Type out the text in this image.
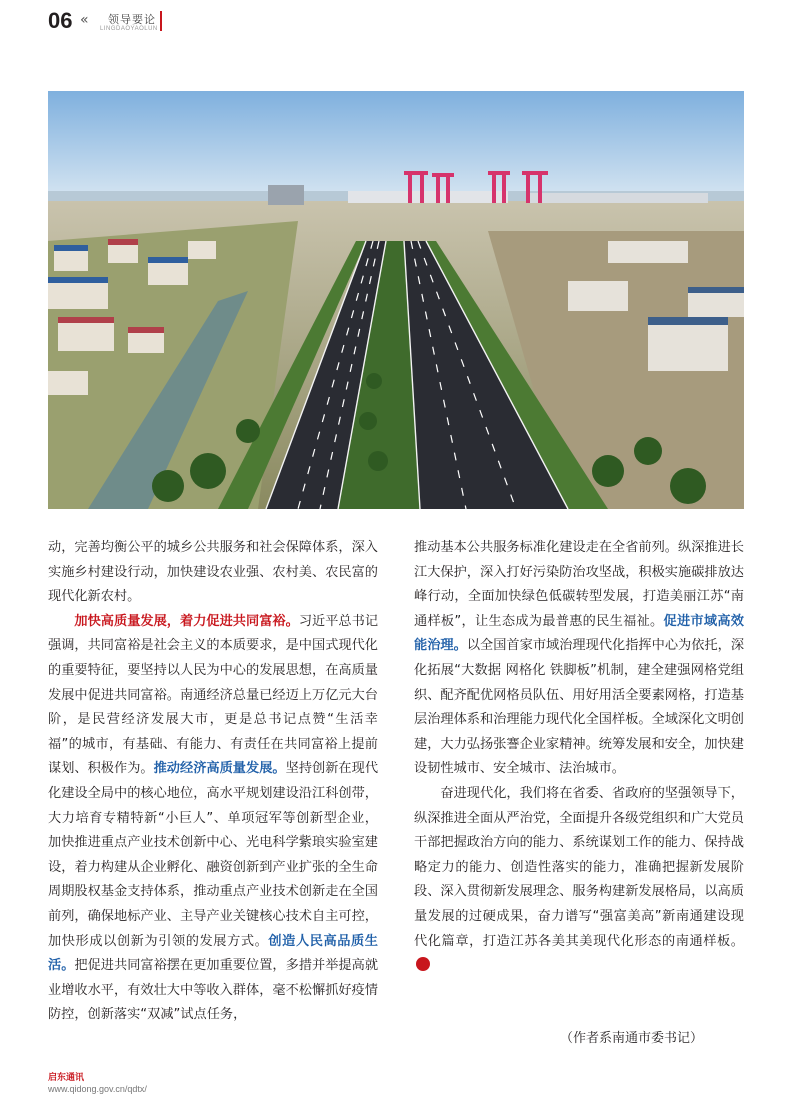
06 « 领导要论
LINGDAOYAOLUN

动，完善均衡公平的城乡公共服务和社会保障体系，深入实施乡村建设行动，加快建设农业强、农村美、农民富的现代化新农村。

加快高质量发展，着力促进共同富裕。习近平总书记强调，共同富裕是社会主义的本质要求，是中国式现代化的重要特征，要坚持以人民为中心的发展思想，在高质量发展中促进共同富裕。南通经济总量已经迈上万亿元大台阶，是民营经济发展大市，更是总书记点赞“生活幸福”的城市，有基础、有能力、有责任在共同富裕上提前谋划、积极作为。推动经济高质量发展。坚持创新在现代化建设全局中的核心地位，高水平规划建设沿江科创带，大力培育专精特新“小巨人”、单项冠军等创新型企业，加快推进重点产业技术创新中心、光电科学紫琅实验室建设，着力构建从企业孵化、融资创新到产业扩张的全生命周期股权基金支持体系，推动重点产业技术创新走在全国前列，确保地标产业、主导产业关键核心技术自主可控，加快形成以创新为引领的发展方式。创造人民高品质生活。把促进共同富裕摆在更加重要位置，多措并举提高就业增收水平，有效壮大中等收入群体，毫不松懈抓好疫情防控，创新落实“双减”试点任务，

推动基本公共服务标准化建设走在全省前列。纵深推进长江大保护，深入打好污染防治攻坚战，积极实施碳排放达峰行动，全面加快绿色低碳转型发展，打造美丽江苏“南通样板”，让生态成为最普惠的民生福祉。促进市域高效能治理。以全国首家市域治理现代化指挥中心为依托，深化拓展“大数据 网格化 铁脚板”机制，建全建强网格党组织、配齐配优网格员队伍、用好用活全要素网格，打造基层治理体系和治理能力现代化全国样板。全域深化文明创建，大力弘扬张謇企业家精神。统筹发展和安全，加快建设韧性城市、安全城市、法治城市。

奋进现代化，我们将在省委、省政府的坚强领导下，纵深推进全面从严治党，全面提升各级党组织和广大党员干部把握政治方向的能力、系统谋划工作的能力、保持战略定力的能力、创造性落实的能力，准确把握新发展阶段、深入贯彻新发展理念、服务构建新发展格局，以高质量发展的过硬成果，奋力谱写“强富美高”新南通建设现代化篇章，打造江苏各美其美现代化形态的南通样板。

（作者系南通市委书记）
启东通讯
www.qidong.gov.cn/qdtx/
